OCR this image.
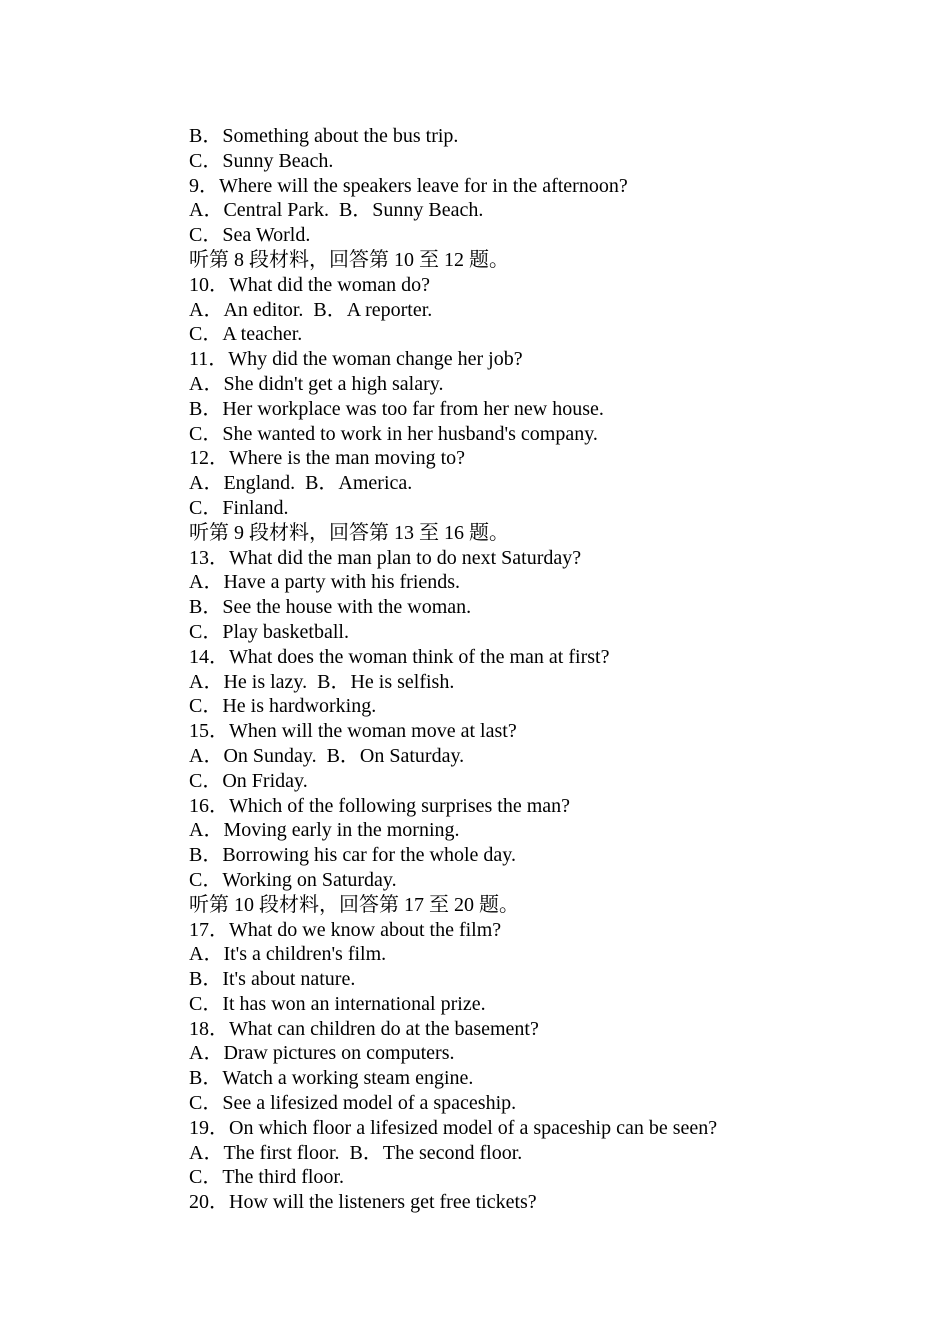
B．Something about the bus trip.
C．Sunny Beach.
9．Where will the speakers leave for in the afternoon?
A．Central Park.  B．Sunny Beach.
C．Sea World.
听第 8 段材料，回答第 10 至 12 题。
10．What did the woman do?
A．An editor.  B．A reporter.
C．A teacher.
11．Why did the woman change her job?
A．She didn't get a high salary.
B．Her workplace was too far from her new house.
C．She wanted to work in her husband's company.
12．Where is the man moving to?
A．England.  B．America.
C．Finland.
听第 9 段材料，回答第 13 至 16 题。
13．What did the man plan to do next Saturday?
A．Have a party with his friends.
B．See the house with the woman.
C．Play basketball.
14．What does the woman think of the man at first?
A．He is lazy.  B．He is selfish.
C．He is hardworking.
15．When will the woman move at last?
A．On Sunday.  B．On Saturday.
C．On Friday.
16．Which of the following surprises the man?
A．Moving early in the morning.
B．Borrowing his car for the whole day.
C．Working on Saturday.
听第 10 段材料，回答第 17 至 20 题。
17．What do we know about the film?
A．It's a children's film.
B．It's about nature.
C．It has won an international prize.
18．What can children do at the basement?
A．Draw pictures on computers.
B．Watch a working steam engine.
C．See a lifesized model of a spaceship.
19．On which floor a lifesized model of a spaceship can be seen?
A．The first floor.  B．The second floor.
C．The third floor.
20．How will the listeners get free tickets?
